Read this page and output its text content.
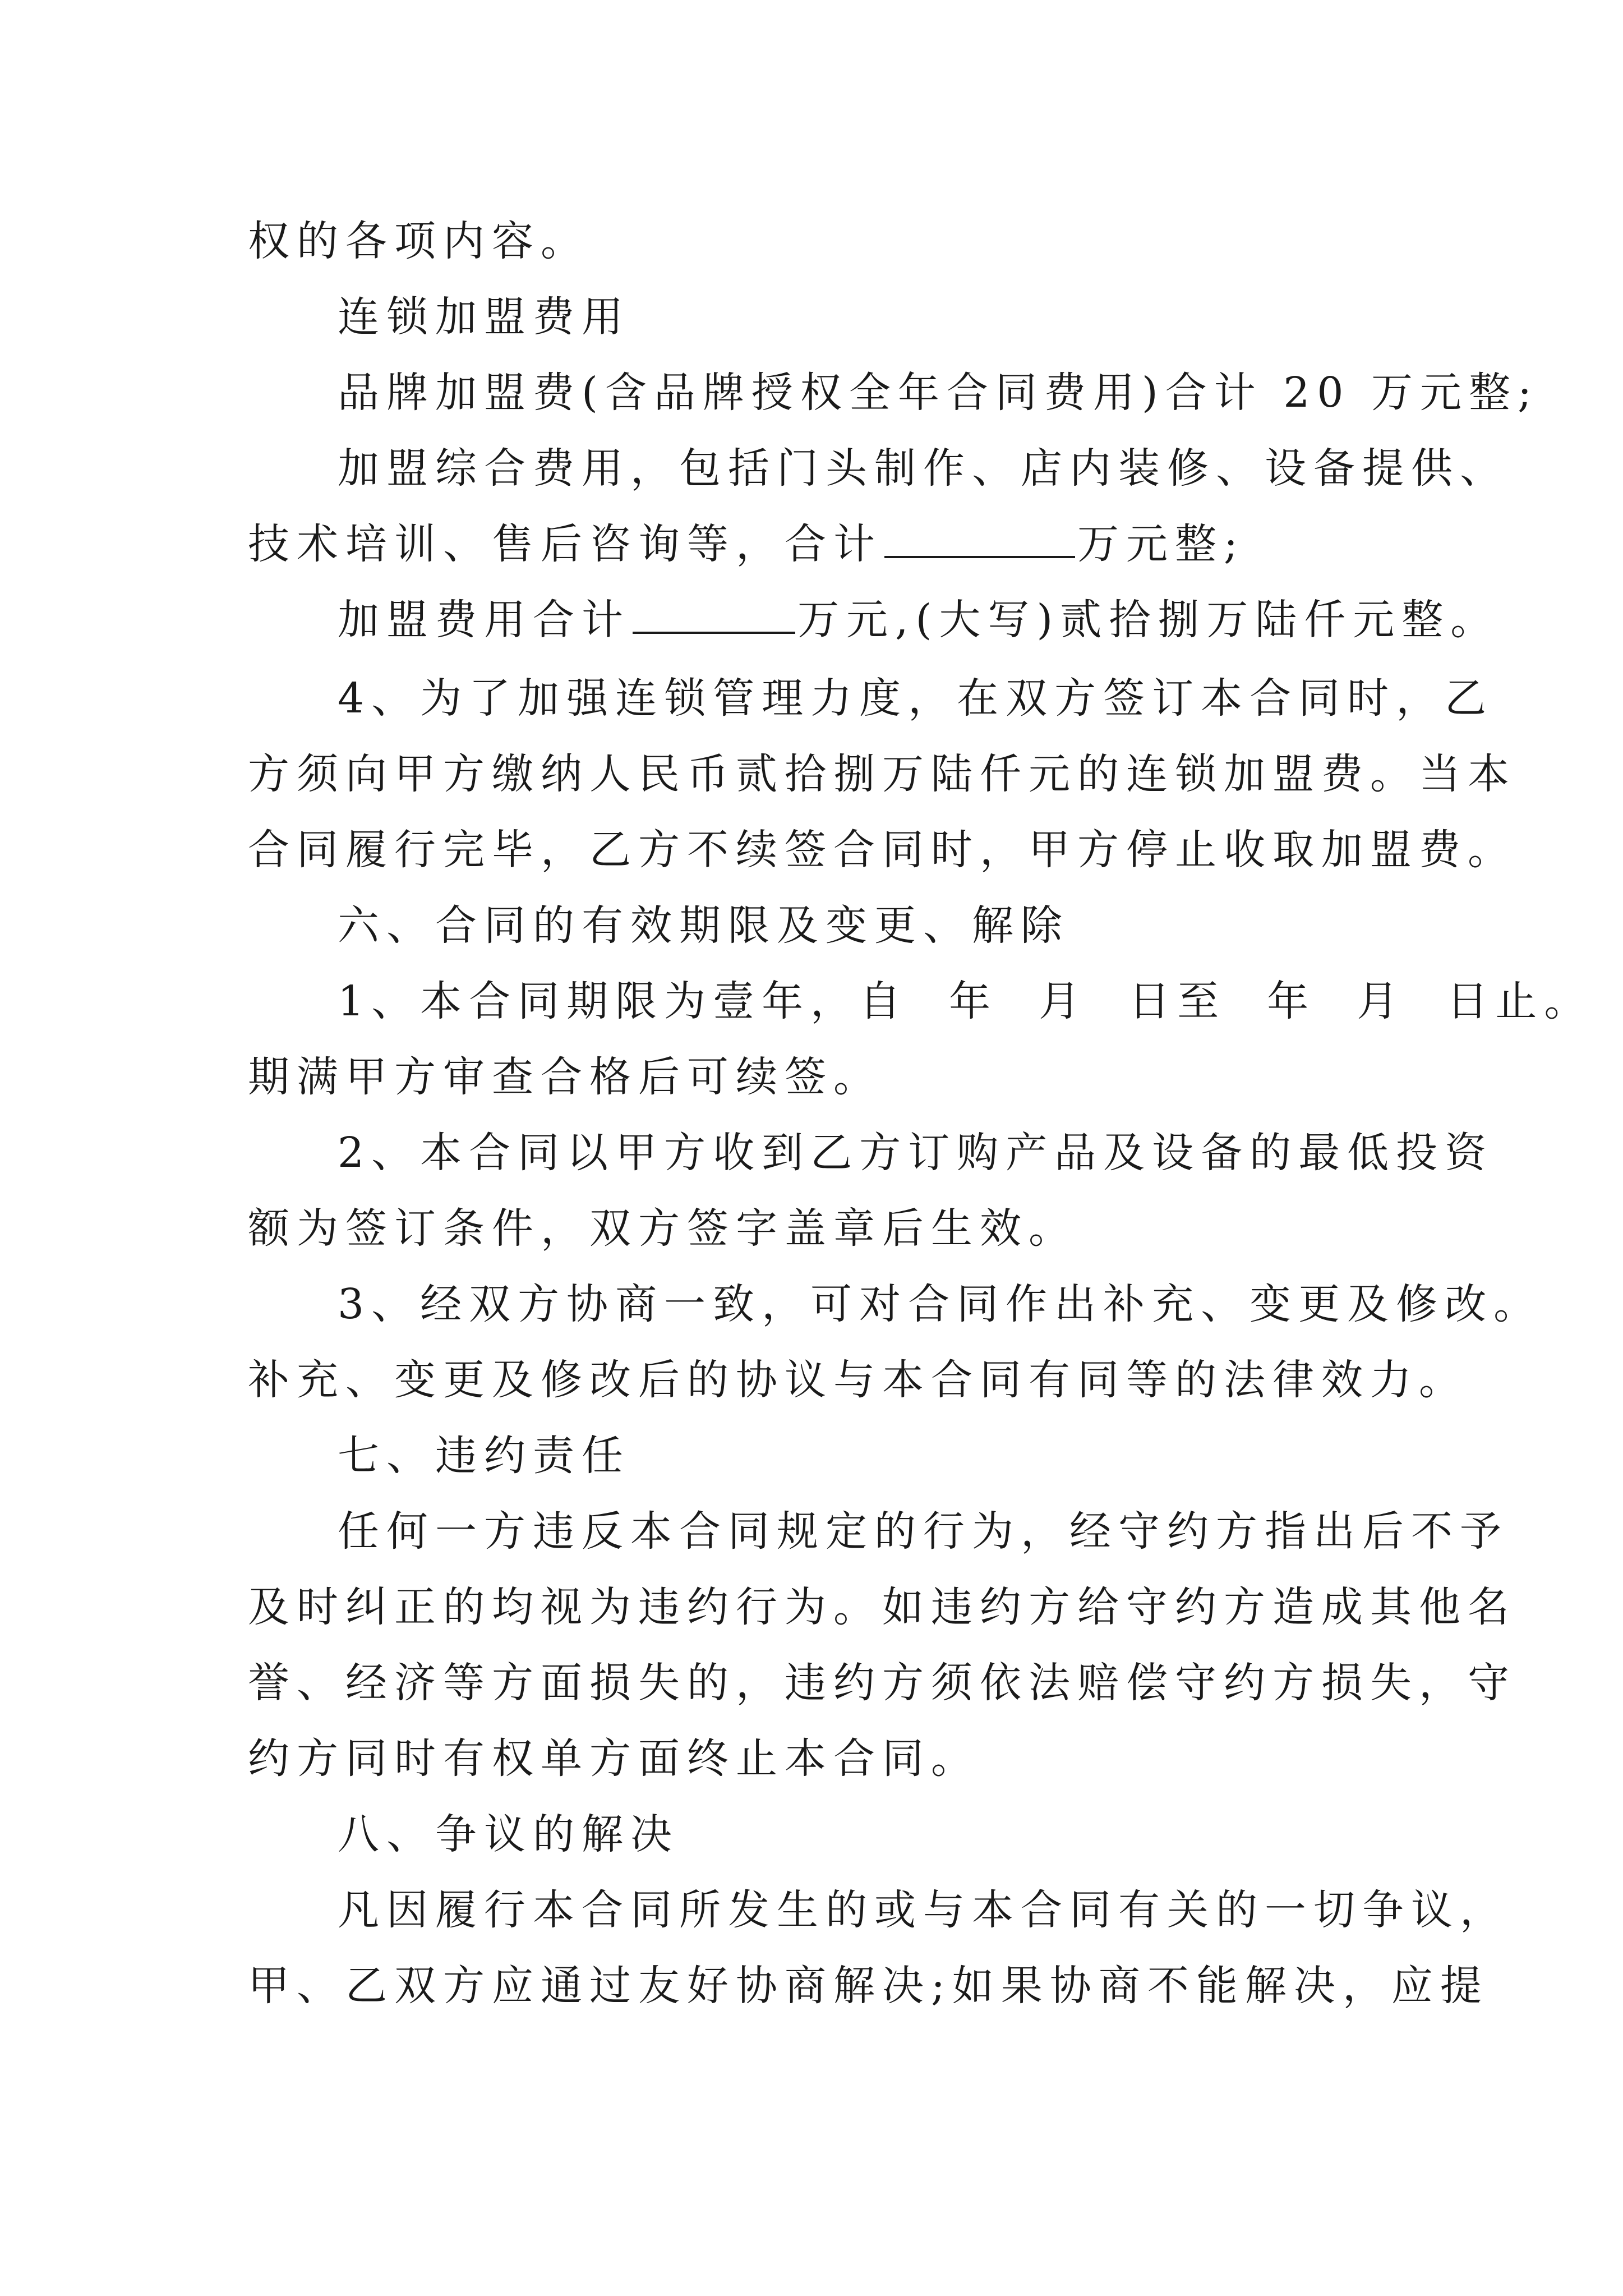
权的各项内容。

连锁加盟费用

品牌加盟费(含品牌授权全年合同费用)合计 20 万元整;

加盟综合费用，包括门头制作、店内装修、设备提供、

技术培训、售后咨询等，合计	万元整;

加盟费用合计	万元,(大写)贰拾捌万陆仟元整。

4、为了加强连锁管理力度，在双方签订本合同时，乙

方须向甲方缴纳人民币贰拾捌万陆仟元的连锁加盟费。当本

合同履行完毕，乙方不续签合同时，甲方停止收取加盟费。

六、合同的有效期限及变更、解除

1、本合同期限为壹年，自  年  月  日至  年  月  日止。

期满甲方审查合格后可续签。

2、本合同以甲方收到乙方订购产品及设备的最低投资

额为签订条件，双方签字盖章后生效。

3、经双方协商一致，可对合同作出补充、变更及修改。

补充、变更及修改后的协议与本合同有同等的法律效力。

七、违约责任

任何一方违反本合同规定的行为，经守约方指出后不予

及时纠正的均视为违约行为。如违约方给守约方造成其他名

誉、经济等方面损失的，违约方须依法赔偿守约方损失，守

约方同时有权单方面终止本合同。

八、争议的解决

凡因履行本合同所发生的或与本合同有关的一切争议，

甲、乙双方应通过友好协商解决;如果协商不能解决，应提
